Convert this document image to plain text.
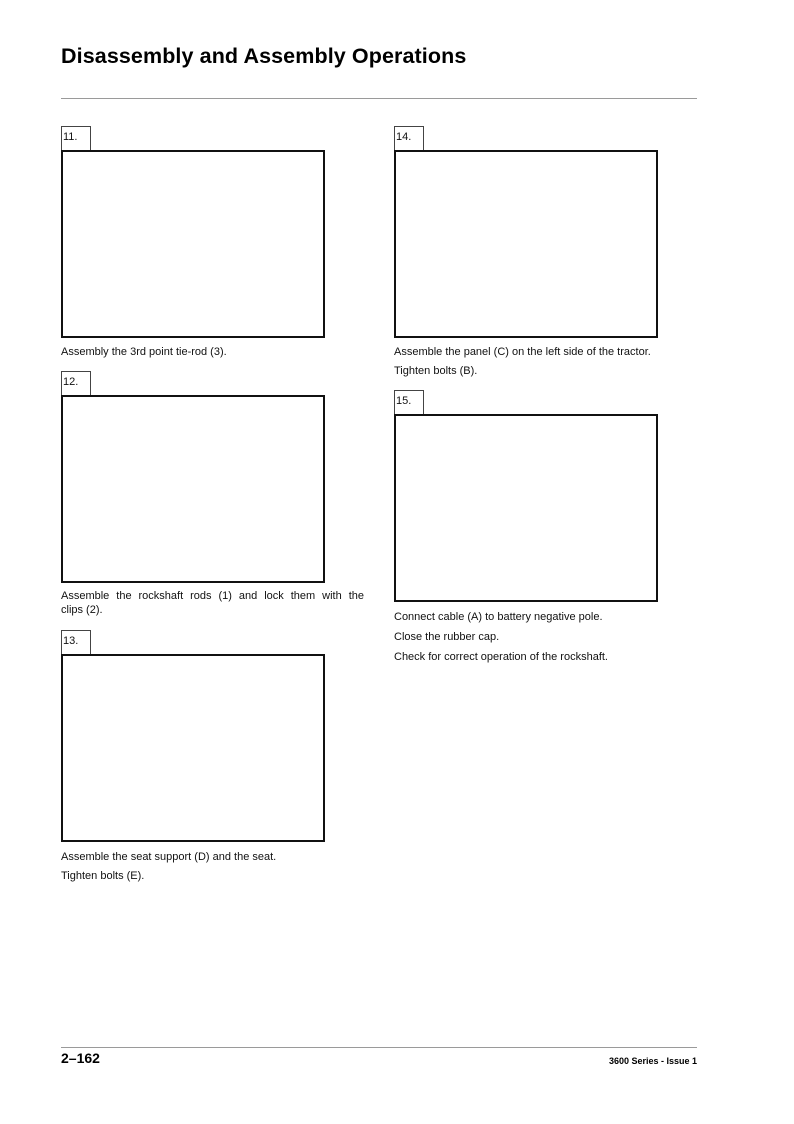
Disassembly and Assembly Operations
11.

Assembly the 3rd point tie-rod (3).

12.

Assemble the rockshaft rods (1) and lock them with the

clips (2).

13.

Assemble the seat support (D) and the seat.

Tighten bolts (E).

14.

Assemble the panel (C) on the left side of the tractor.

Tighten bolts (B).

15.

Connect cable (A) to battery negative pole.

Close the rubber cap.

Check for correct operation of the rockshaft.

2–162	3600 Series - Issue 1
